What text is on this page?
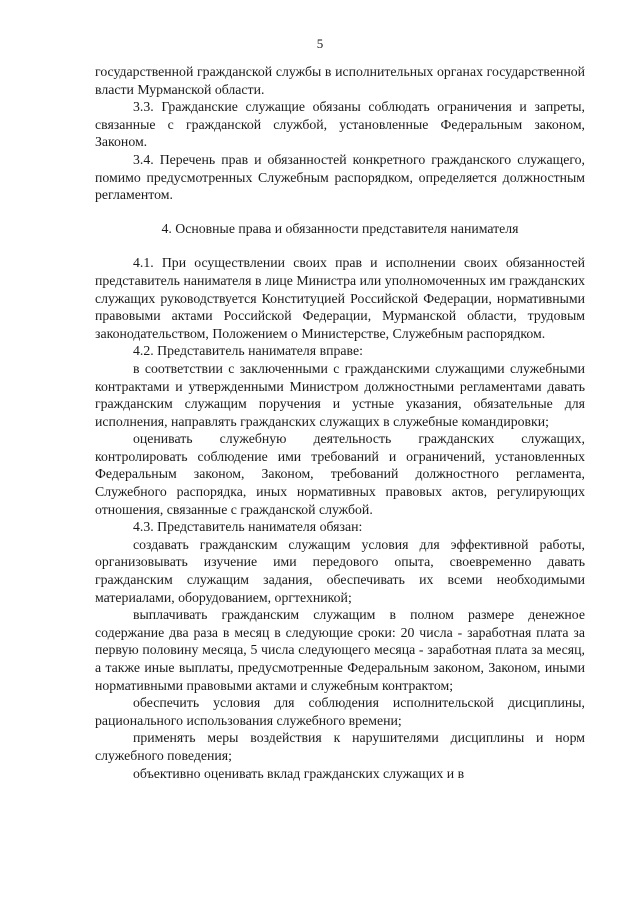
5

государственной гражданской службы в исполнительных органах государственной власти Мурманской области.

3.3. Гражданские служащие обязаны соблюдать ограничения и запреты, связанные с гражданской службой, установленные Федеральным законом, Законом.

3.4. Перечень прав и обязанностей конкретного гражданского служащего, помимо предусмотренных Служебным распорядком, определяется должностным регламентом.

4. Основные права и обязанности представителя нанимателя

4.1. При осуществлении своих прав и исполнении своих обязанностей представитель нанимателя в лице Министра или уполномоченных им гражданских служащих руководствуется Конституцией Российской Федерации, нормативными правовыми актами Российской Федерации, Мурманской области, трудовым законодательством, Положением о Министерстве, Служебным распорядком.

4.2. Представитель нанимателя вправе:

в соответствии с заключенными с гражданскими служащими служебными контрактами и утвержденными Министром должностными регламентами давать гражданским служащим поручения и устные указания, обязательные для исполнения, направлять гражданских служащих в служебные командировки;

оценивать служебную деятельность гражданских служащих, контролировать соблюдение ими требований и ограничений, установленных Федеральным законом, Законом, требований должностного регламента, Служебного распорядка, иных нормативных правовых актов, регулирующих отношения, связанные с гражданской службой.

4.3. Представитель нанимателя обязан:

создавать гражданским служащим условия для эффективной работы, организовывать изучение ими передового опыта, своевременно давать гражданским служащим задания, обеспечивать их всеми необходимыми материалами, оборудованием, оргтехникой;

выплачивать гражданским служащим в полном размере денежное содержание два раза в месяц в следующие сроки: 20 числа - заработная плата за первую половину месяца, 5 числа следующего месяца - заработная плата за месяц, а также иные выплаты, предусмотренные Федеральным законом, Законом, иными нормативными правовыми актами и служебным контрактом;

обеспечить условия для соблюдения исполнительской дисциплины, рационального использования служебного времени;

применять меры воздействия к нарушителями дисциплины и норм служебного поведения;

объективно оценивать вклад гражданских служащих и в
